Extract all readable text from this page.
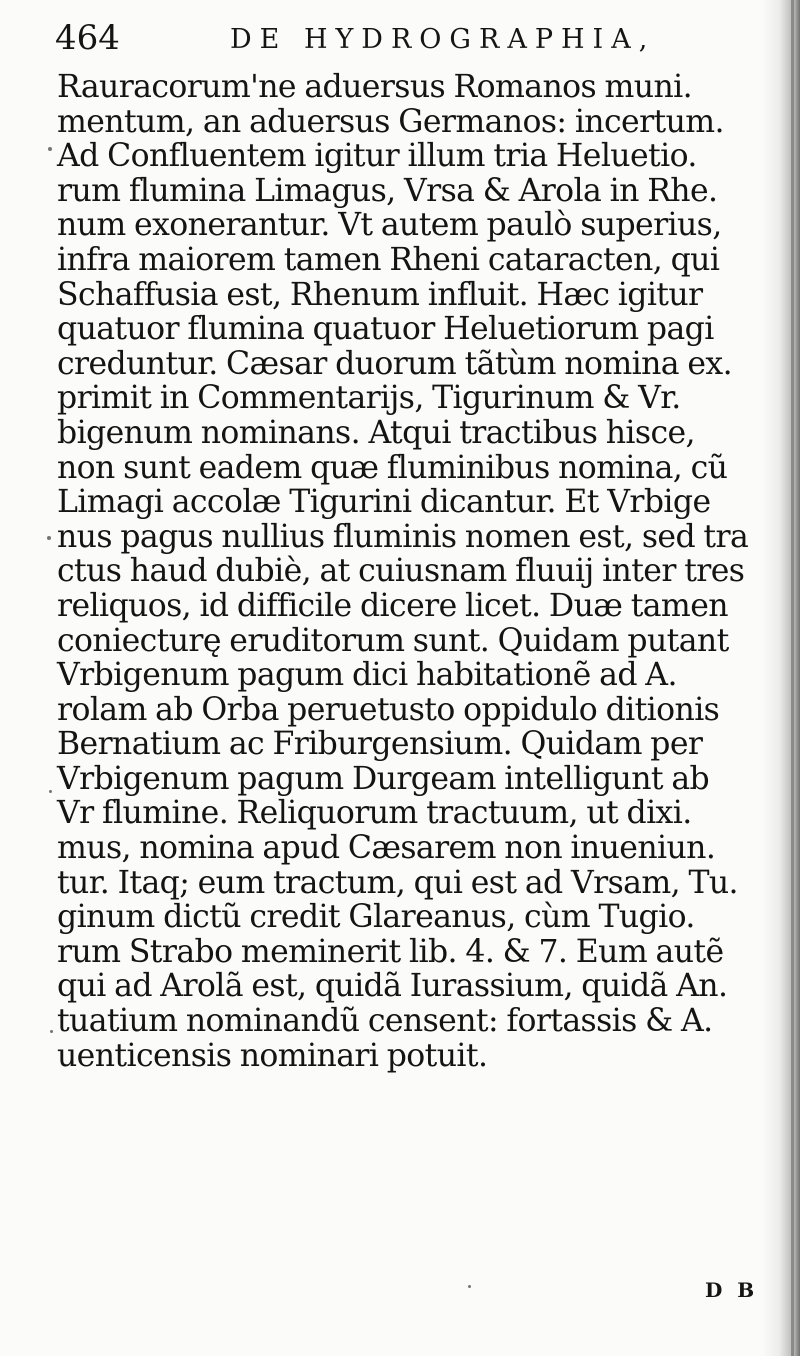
464	DE HYDROGRAPHIA,
Rauracorum'ne aduersus Romanos muni.
mentum, an aduersus Germanos: incertum.
Ad Confluentem igitur illum tria Heluetio.
rum flumina Limagus, Vrsa & Arola in Rhe.
num exonerantur. Vt autem paulò superius,
infra maiorem tamen Rheni cataracten, qui
Schaffusia est, Rhenum influit. Hæc igitur
quatuor flumina quatuor Heluetiorum pagi
creduntur. Cæsar duorum tãtùm nomina ex.
primit in Commentarijs, Tigurinum & Vr.
bigenum nominans. Atqui tractibus hisce,
non sunt eadem quæ fluminibus nomina, cũ
Limagi accolæ Tigurini dicantur. Et Vrbige
nus pagus nullius fluminis nomen est, sed tra
ctus haud dubiè, at cuiusnam fluuij inter tres
reliquos, id difficile dicere licet. Duæ tamen
coniecturę eruditorum sunt. Quidam putant
Vrbigenum pagum dici habitationẽ ad A.
rolam ab Orba peruetusto oppidulo ditionis
Bernatium ac Friburgensium. Quidam per
Vrbigenum pagum Durgeam intelligunt ab
Vr flumine. Reliquorum tractuum, ut dixi.
mus, nomina apud Cæsarem non inueniun.
tur. Itaq; eum tractum, qui est ad Vrsam, Tu.
ginum dictũ credit Glareanus, cùm Tugio.
rum Strabo meminerit lib. 4. & 7. Eum autẽ
qui ad Arolã est, quidã Iurassium, quidã An.
tuatium nominandũ censent: fortassis & A.
uenticensis nominari potuit.
D B
